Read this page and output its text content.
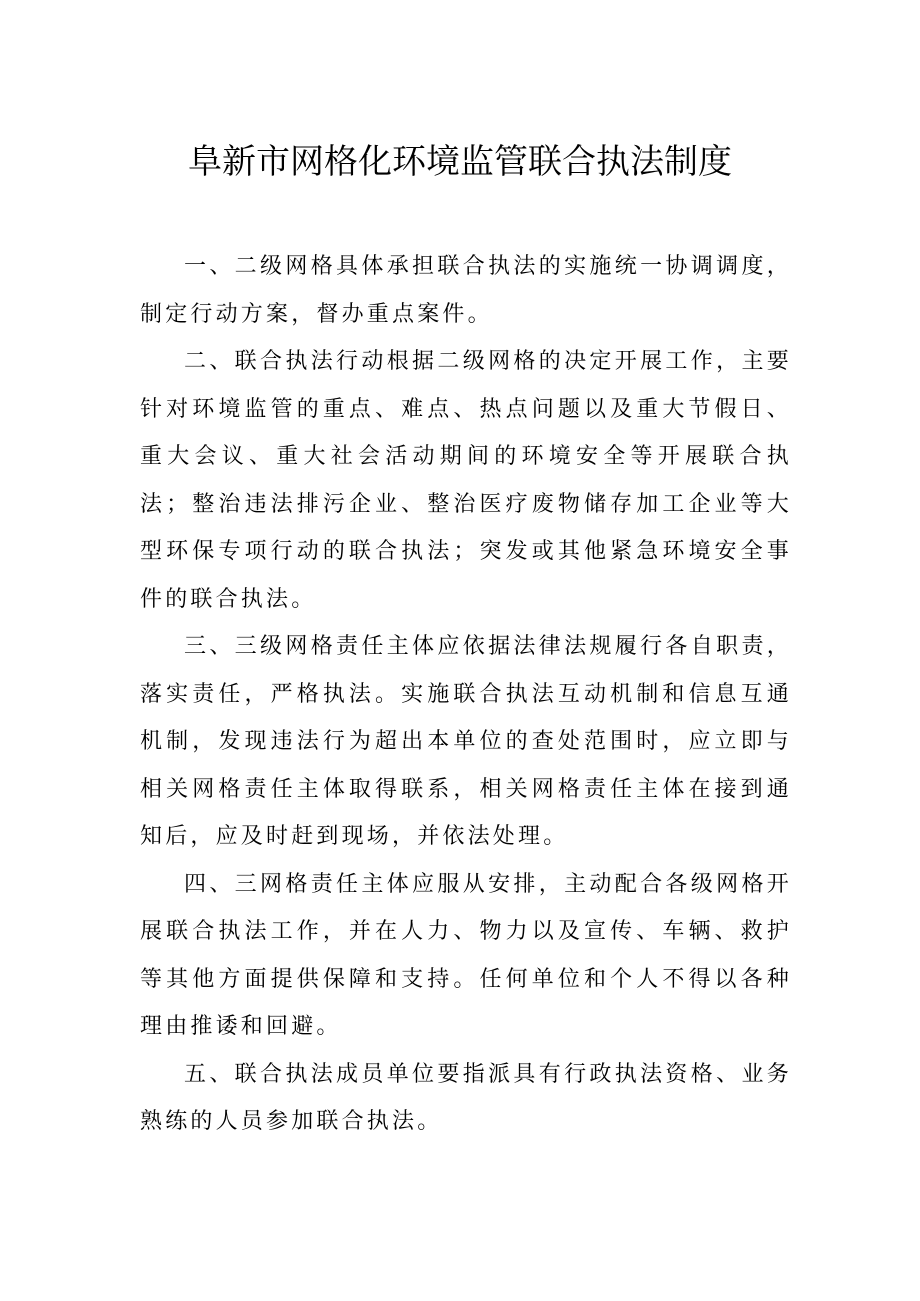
阜新市网格化环境监管联合执法制度

一、二级网格具体承担联合执法的实施统一协调调度，制定行动方案，督办重点案件。

二、联合执法行动根据二级网格的决定开展工作，主要针对环境监管的重点、难点、热点问题以及重大节假日、重大会议、重大社会活动期间的环境安全等开展联合执法；整治违法排污企业、整治医疗废物储存加工企业等大型环保专项行动的联合执法；突发或其他紧急环境安全事件的联合执法。

三、三级网格责任主体应依据法律法规履行各自职责，落实责任，严格执法。实施联合执法互动机制和信息互通机制，发现违法行为超出本单位的查处范围时，应立即与相关网格责任主体取得联系，相关网格责任主体在接到通知后，应及时赶到现场，并依法处理。

四、三网格责任主体应服从安排，主动配合各级网格开展联合执法工作，并在人力、物力以及宣传、车辆、救护等其他方面提供保障和支持。任何单位和个人不得以各种理由推诿和回避。

五、联合执法成员单位要指派具有行政执法资格、业务熟练的人员参加联合执法。
